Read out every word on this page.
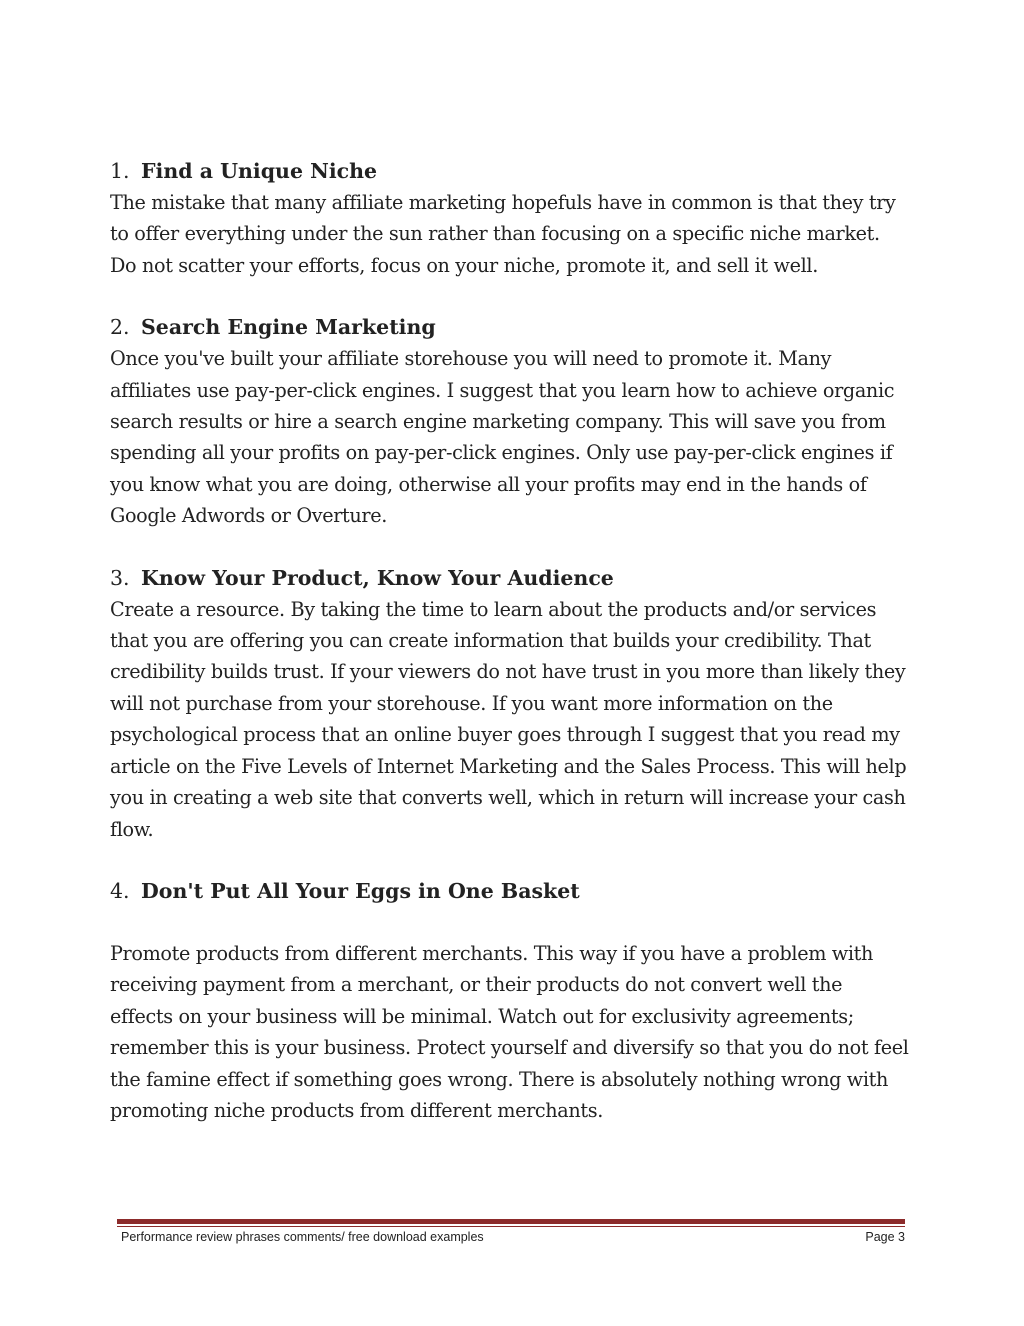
1. Find a Unique Niche

The mistake that many affiliate marketing hopefuls have in common is that they try to offer everything under the sun rather than focusing on a specific niche market. Do not scatter your efforts, focus on your niche, promote it, and sell it well.

2. Search Engine Marketing

Once you've built your affiliate storehouse you will need to promote it. Many affiliates use pay-per-click engines. I suggest that you learn how to achieve organic search results or hire a search engine marketing company. This will save you from spending all your profits on pay-per-click engines. Only use pay-per-click engines if you know what you are doing, otherwise all your profits may end in the hands of Google Adwords or Overture.

3. Know Your Product, Know Your Audience

Create a resource. By taking the time to learn about the products and/or services that you are offering you can create information that builds your credibility. That credibility builds trust. If your viewers do not have trust in you more than likely they will not purchase from your storehouse. If you want more information on the psychological process that an online buyer goes through I suggest that you read my article on the Five Levels of Internet Marketing and the Sales Process. This will help you in creating a web site that converts well, which in return will increase your cash flow.

4. Don't Put All Your Eggs in One Basket

Promote products from different merchants. This way if you have a problem with receiving payment from a merchant, or their products do not convert well the effects on your business will be minimal. Watch out for exclusivity agreements; remember this is your business. Protect yourself and diversify so that you do not feel the famine effect if something goes wrong. There is absolutely nothing wrong with promoting niche products from different merchants.

Performance review phrases comments/ free download examples	Page 3
